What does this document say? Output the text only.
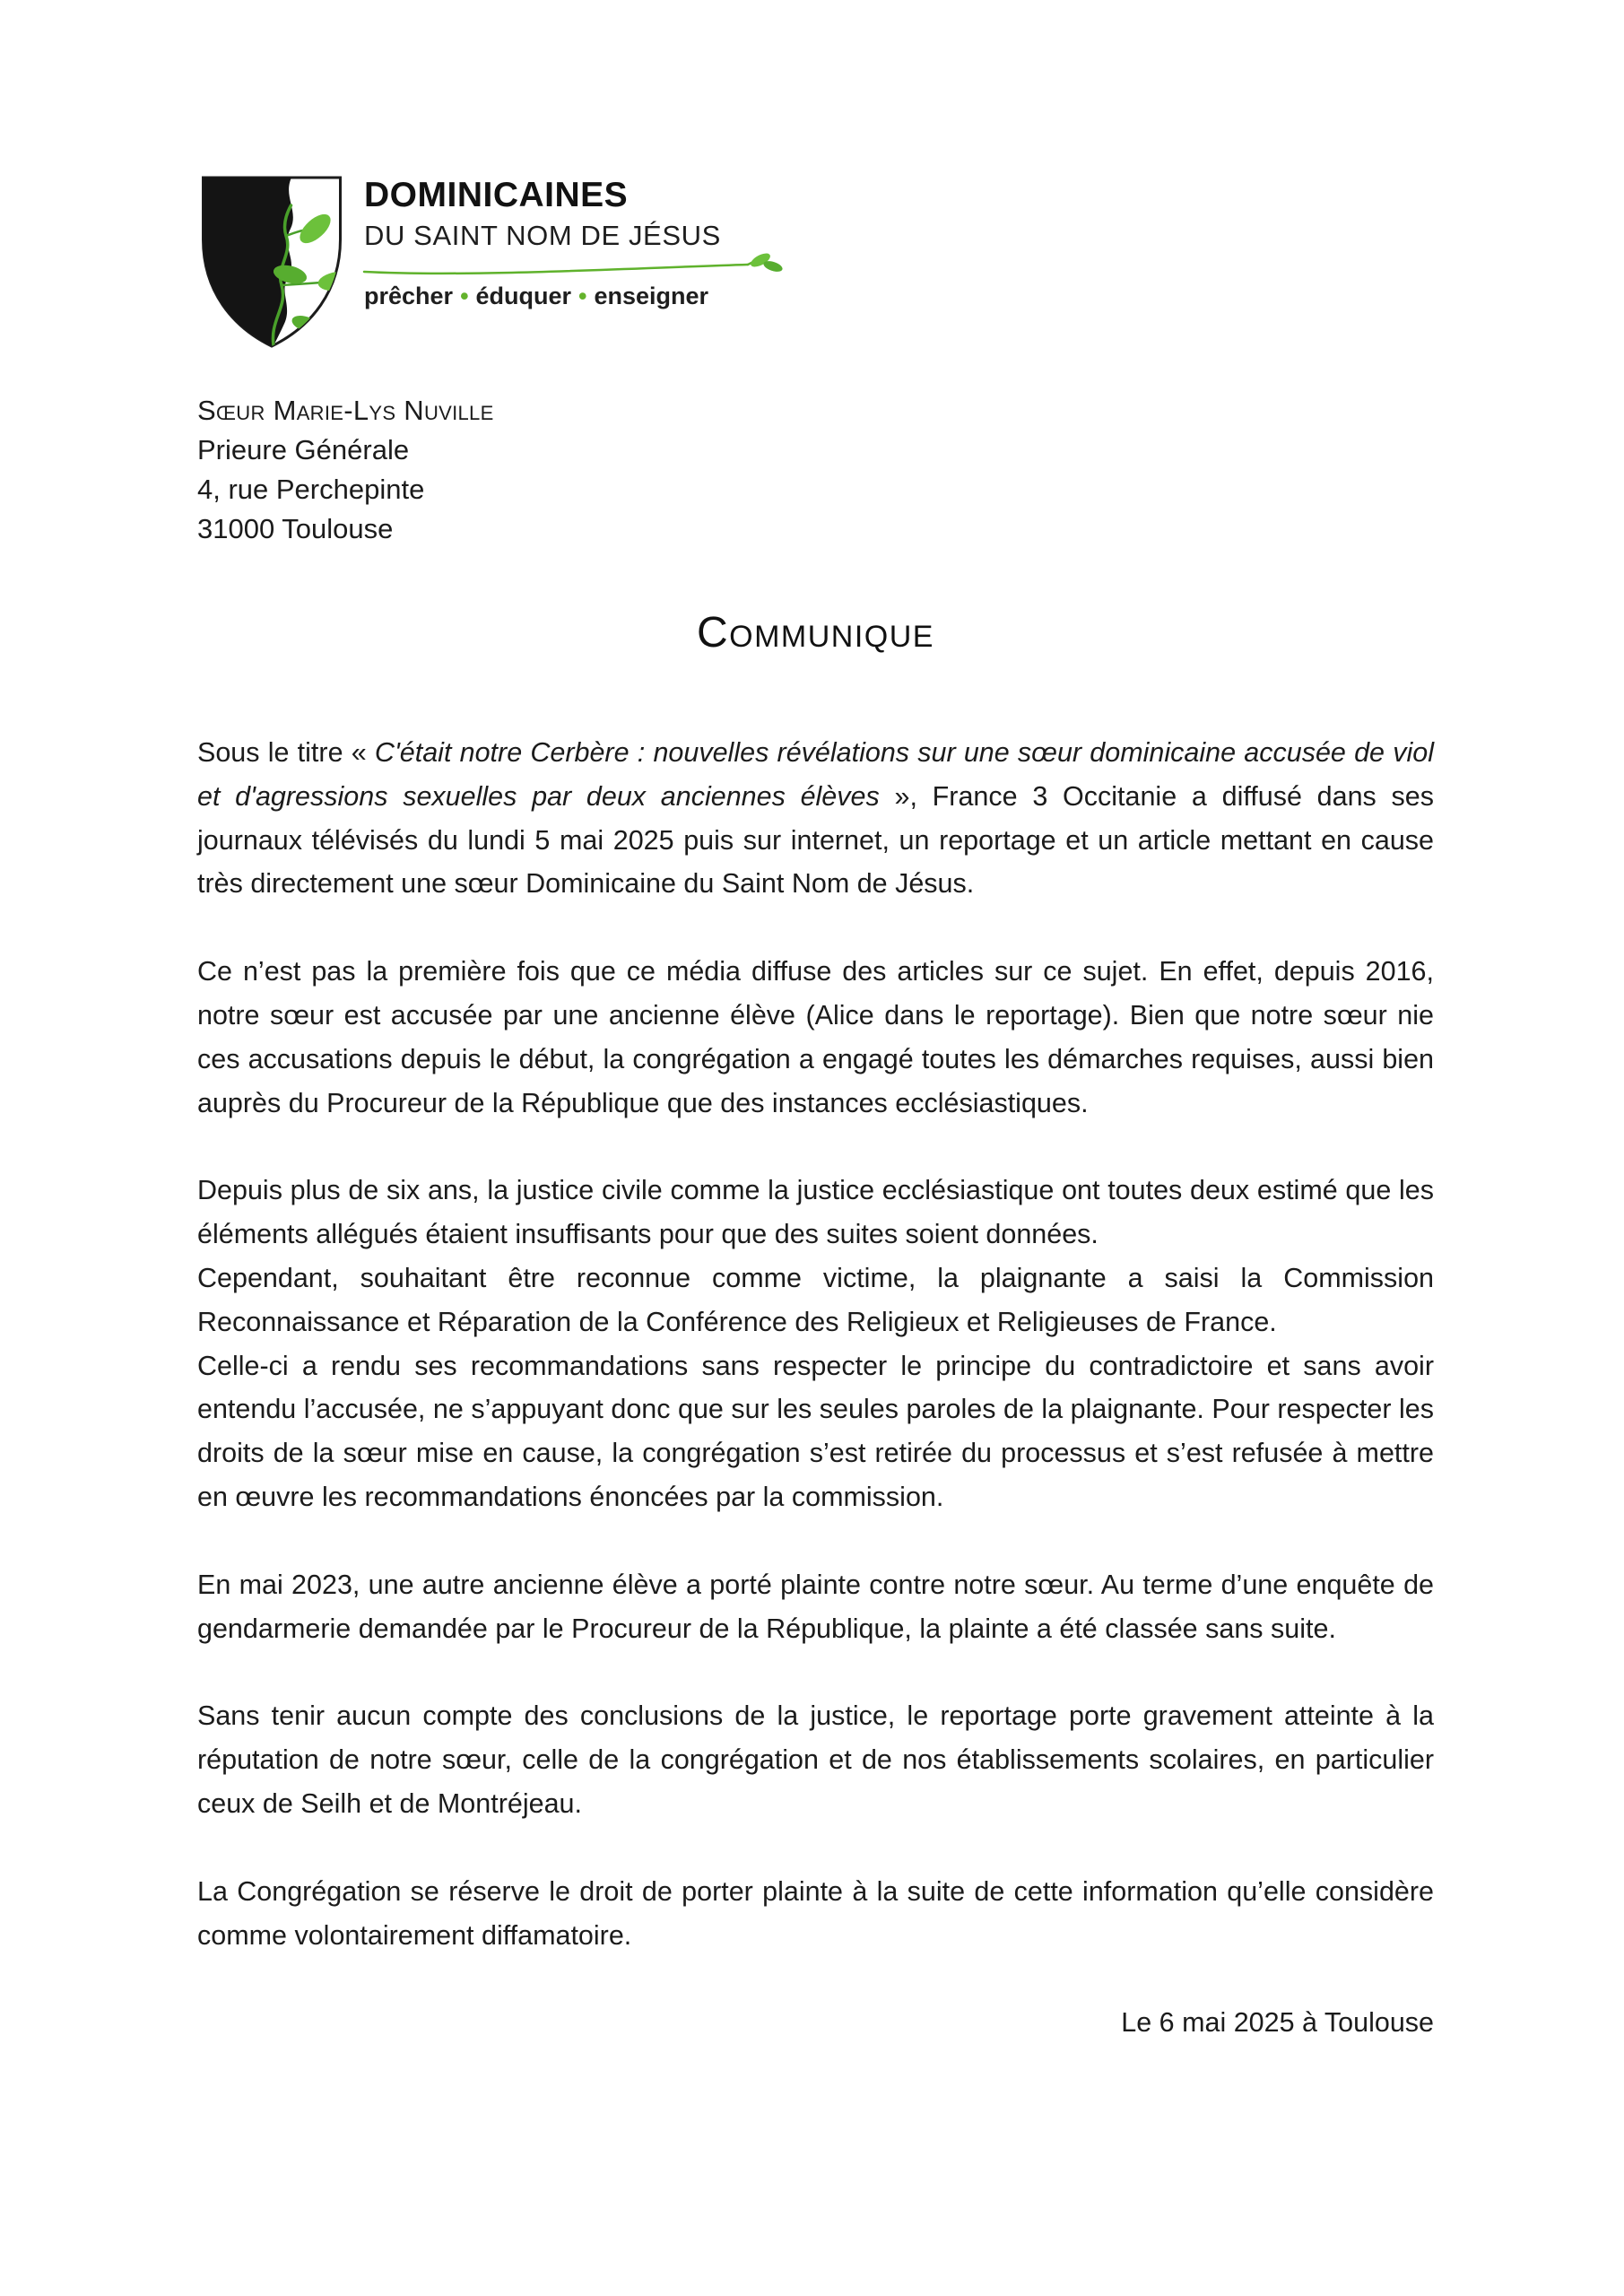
DOMINICAINES
DU SAINT NOM DE JÉSUS
prêcher • éduquer • enseigner
Sœur Marie-Lys Nuville
Prieure Générale
4, rue Perchepinte
31000 Toulouse
Communique

Sous le titre « C'était notre Cerbère : nouvelles révélations sur une sœur dominicaine accusée de viol et d'agressions sexuelles par deux anciennes élèves », France 3 Occitanie a diffusé dans ses journaux télévisés du lundi 5 mai 2025 puis sur internet, un reportage et un article mettant en cause très directement une sœur Dominicaine du Saint Nom de Jésus.

Ce n’est pas la première fois que ce média diffuse des articles sur ce sujet. En effet, depuis 2016, notre sœur est accusée par une ancienne élève (Alice dans le reportage). Bien que notre sœur nie ces accusations depuis le début, la congrégation a engagé toutes les démarches requises, aussi bien auprès du Procureur de la République que des instances ecclésiastiques.

Depuis plus de six ans, la justice civile comme la justice ecclésiastique ont toutes deux estimé que les éléments allégués étaient insuffisants pour que des suites soient données.

Cependant, souhaitant être reconnue comme victime, la plaignante a saisi la Commission Reconnaissance et Réparation de la Conférence des Religieux et Religieuses de France.

Celle-ci a rendu ses recommandations sans respecter le principe du contradictoire et sans avoir entendu l’accusée, ne s’appuyant donc que sur les seules paroles de la plaignante. Pour respecter les droits de la sœur mise en cause, la congrégation s’est retirée du processus et s’est refusée à mettre en œuvre les recommandations énoncées par la commission.

En mai 2023, une autre ancienne élève a porté plainte contre notre sœur. Au terme d’une enquête de gendarmerie demandée par le Procureur de la République, la plainte a été classée sans suite.

Sans tenir aucun compte des conclusions de la justice, le reportage porte gravement atteinte à la réputation de notre sœur, celle de la congrégation et de nos établissements scolaires, en particulier ceux de Seilh et de Montréjeau.

La Congrégation se réserve le droit de porter plainte à la suite de cette information qu’elle considère comme volontairement diffamatoire.

Le 6 mai 2025 à Toulouse
